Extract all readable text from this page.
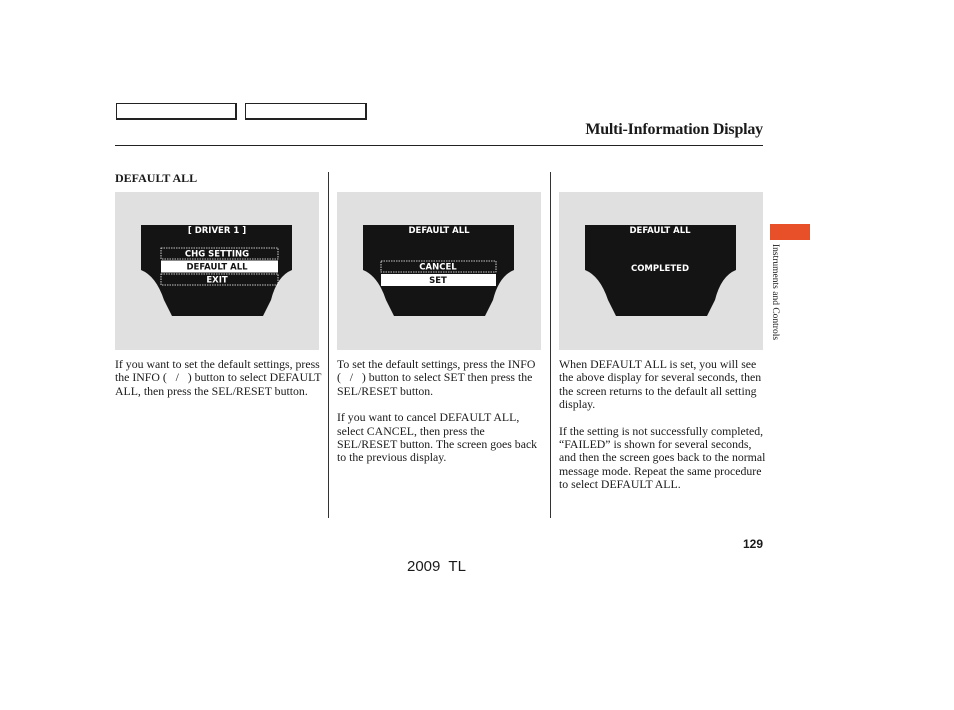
Multi-Information Display
DEFAULT ALL
[ DRIVER 1 ]
CHG SETTING
DEFAULT ALL
EXIT
DEFAULT ALL
CANCEL
SET
DEFAULT ALL
COMPLETED

If you want to set the default settings, press the INFO (   /   ) button to select DEFAULT ALL, then press the SEL/RESET button.

To set the default settings, press the INFO (   /   ) button to select SET then press the SEL/RESET button.

If you want to cancel DEFAULT ALL, select CANCEL, then press the SEL/RESET button. The screen goes back to the previous display.

When DEFAULT ALL is set, you will see the above display for several seconds, then the screen returns to the default all setting display.

If the setting is not successfully completed, “FAILED” is shown for several seconds, and then the screen goes back to the normal message mode. Repeat the same procedure to select DEFAULT ALL.

Instruments and Controls
129
2009  TL
